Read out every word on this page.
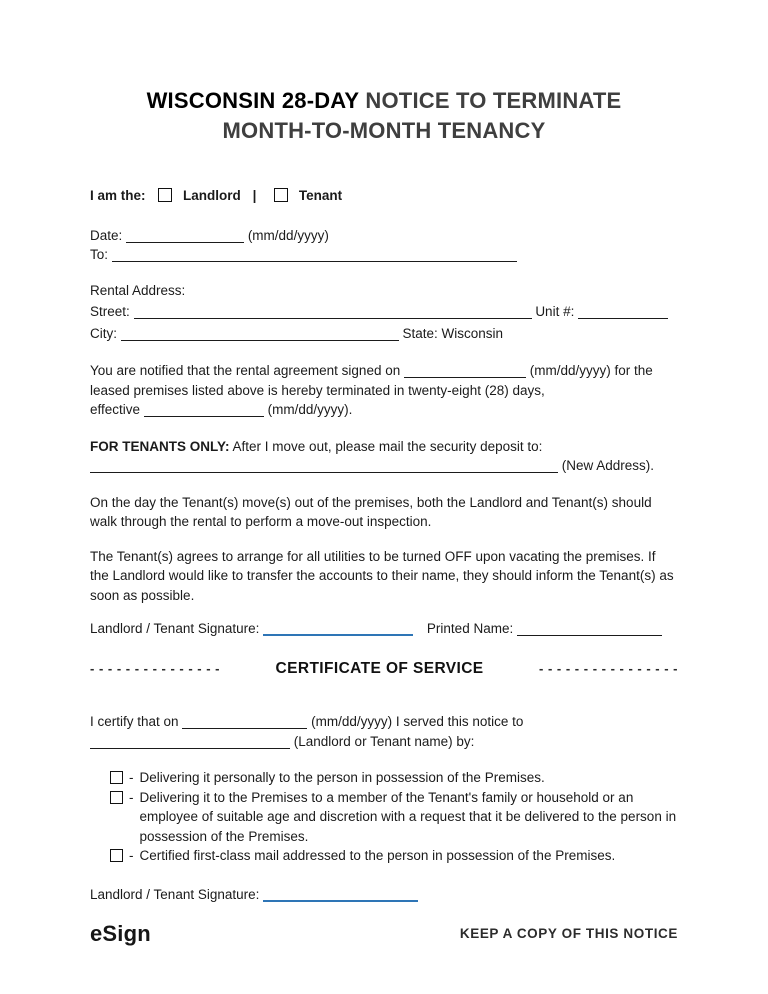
WISCONSIN 28-DAY NOTICE TO TERMINATE
MONTH-TO-MONTH TENANCY
I am the:	Landlord |	Tenant

Date:	(mm/dd/yyyy)

To:

Rental Address:

Street:	Unit #:

City:	State: Wisconsin

You are notified that the rental agreement signed on	(mm/dd/yyyy) for the leased premises listed above is hereby terminated in twenty-eight (28) days, effective	(mm/dd/yyyy).

FOR TENANTS ONLY: After I move out, please mail the security deposit to:  (New Address).

On the day the Tenant(s) move(s) out of the premises, both the Landlord and Tenant(s) should walk through the rental to perform a move-out inspection.

The Tenant(s) agrees to arrange for all utilities to be turned OFF upon vacating the premises. If the Landlord would like to transfer the accounts to their name, they should inform the Tenant(s) as soon as possible.

Landlord / Tenant Signature:	Printed Name:

- - - - - - - - - - - - - - -	CERTIFICATE OF SERVICE	- - - - - - - - - - - - - - - -

I certify that on	(mm/dd/yyyy) I served this notice to  (Landlord or Tenant name) by:

- Delivering it personally to the person in possession of the Premises.
- Delivering it to the Premises to a member of the Tenant's family or household or an employee of suitable age and discretion with a request that it be delivered to the person in possession of the Premises.
- Certified first-class mail addressed to the person in possession of the Premises.

Landlord / Tenant Signature:

eSign	KEEP A COPY OF THIS NOTICE
